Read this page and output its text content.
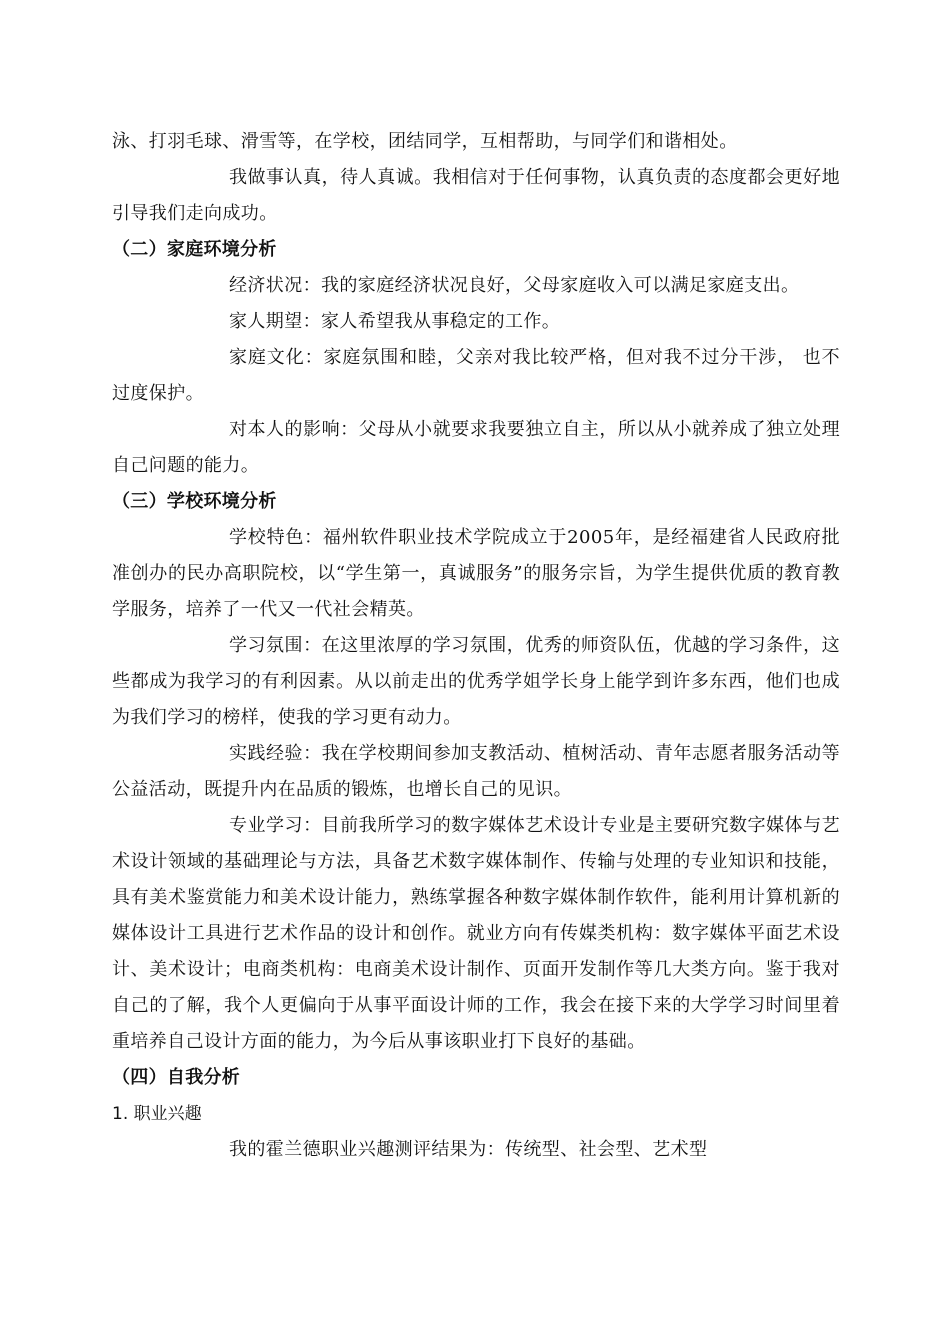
泳、打羽毛球、滑雪等，在学校，团结同学，互相帮助，与同学们和谐相处。

我做事认真，待人真诚。我相信对于任何事物，认真负责的态度都会更好地引导我们走向成功。

（二）家庭环境分析

经济状况：我的家庭经济状况良好，父母家庭收入可以满足家庭支出。

家人期望：家人希望我从事稳定的工作。

家庭文化：家庭氛围和睦，父亲对我比较严格，但对我不过分干涉， 也不过度保护。

对本人的影响：父母从小就要求我要独立自主，所以从小就养成了独立处理自己问题的能力。

（三）学校环境分析

学校特色：福州软件职业技术学院成立于2005年，是经福建省人民政府批准创办的民办高职院校，以“学生第一，真诚服务”的服务宗旨，为学生提供优质的教育教学服务，培养了一代又一代社会精英。

学习氛围：在这里浓厚的学习氛围，优秀的师资队伍，优越的学习条件，这些都成为我学习的有利因素。从以前走出的优秀学姐学长身上能学到许多东西，他们也成为我们学习的榜样，使我的学习更有动力。

实践经验：我在学校期间参加支教活动、植树活动、青年志愿者服务活动等公益活动，既提升内在品质的锻炼，也增长自己的见识。

专业学习：目前我所学习的数字媒体艺术设计专业是主要研究数字媒体与艺术设计领域的基础理论与方法，具备艺术数字媒体制作、传输与处理的专业知识和技能，具有美术鉴赏能力和美术设计能力，熟练掌握各种数字媒体制作软件，能利用计算机新的媒体设计工具进行艺术作品的设计和创作。就业方向有传媒类机构：数字媒体平面艺术设计、美术设计；电商类机构：电商美术设计制作、页面开发制作等几大类方向。鉴于我对自己的了解，我个人更偏向于从事平面设计师的工作，我会在接下来的大学学习时间里着重培养自己设计方面的能力，为今后从事该职业打下良好的基础。

（四）自我分析

1. 职业兴趣

我的霍兰德职业兴趣测评结果为：传统型、社会型、艺术型
